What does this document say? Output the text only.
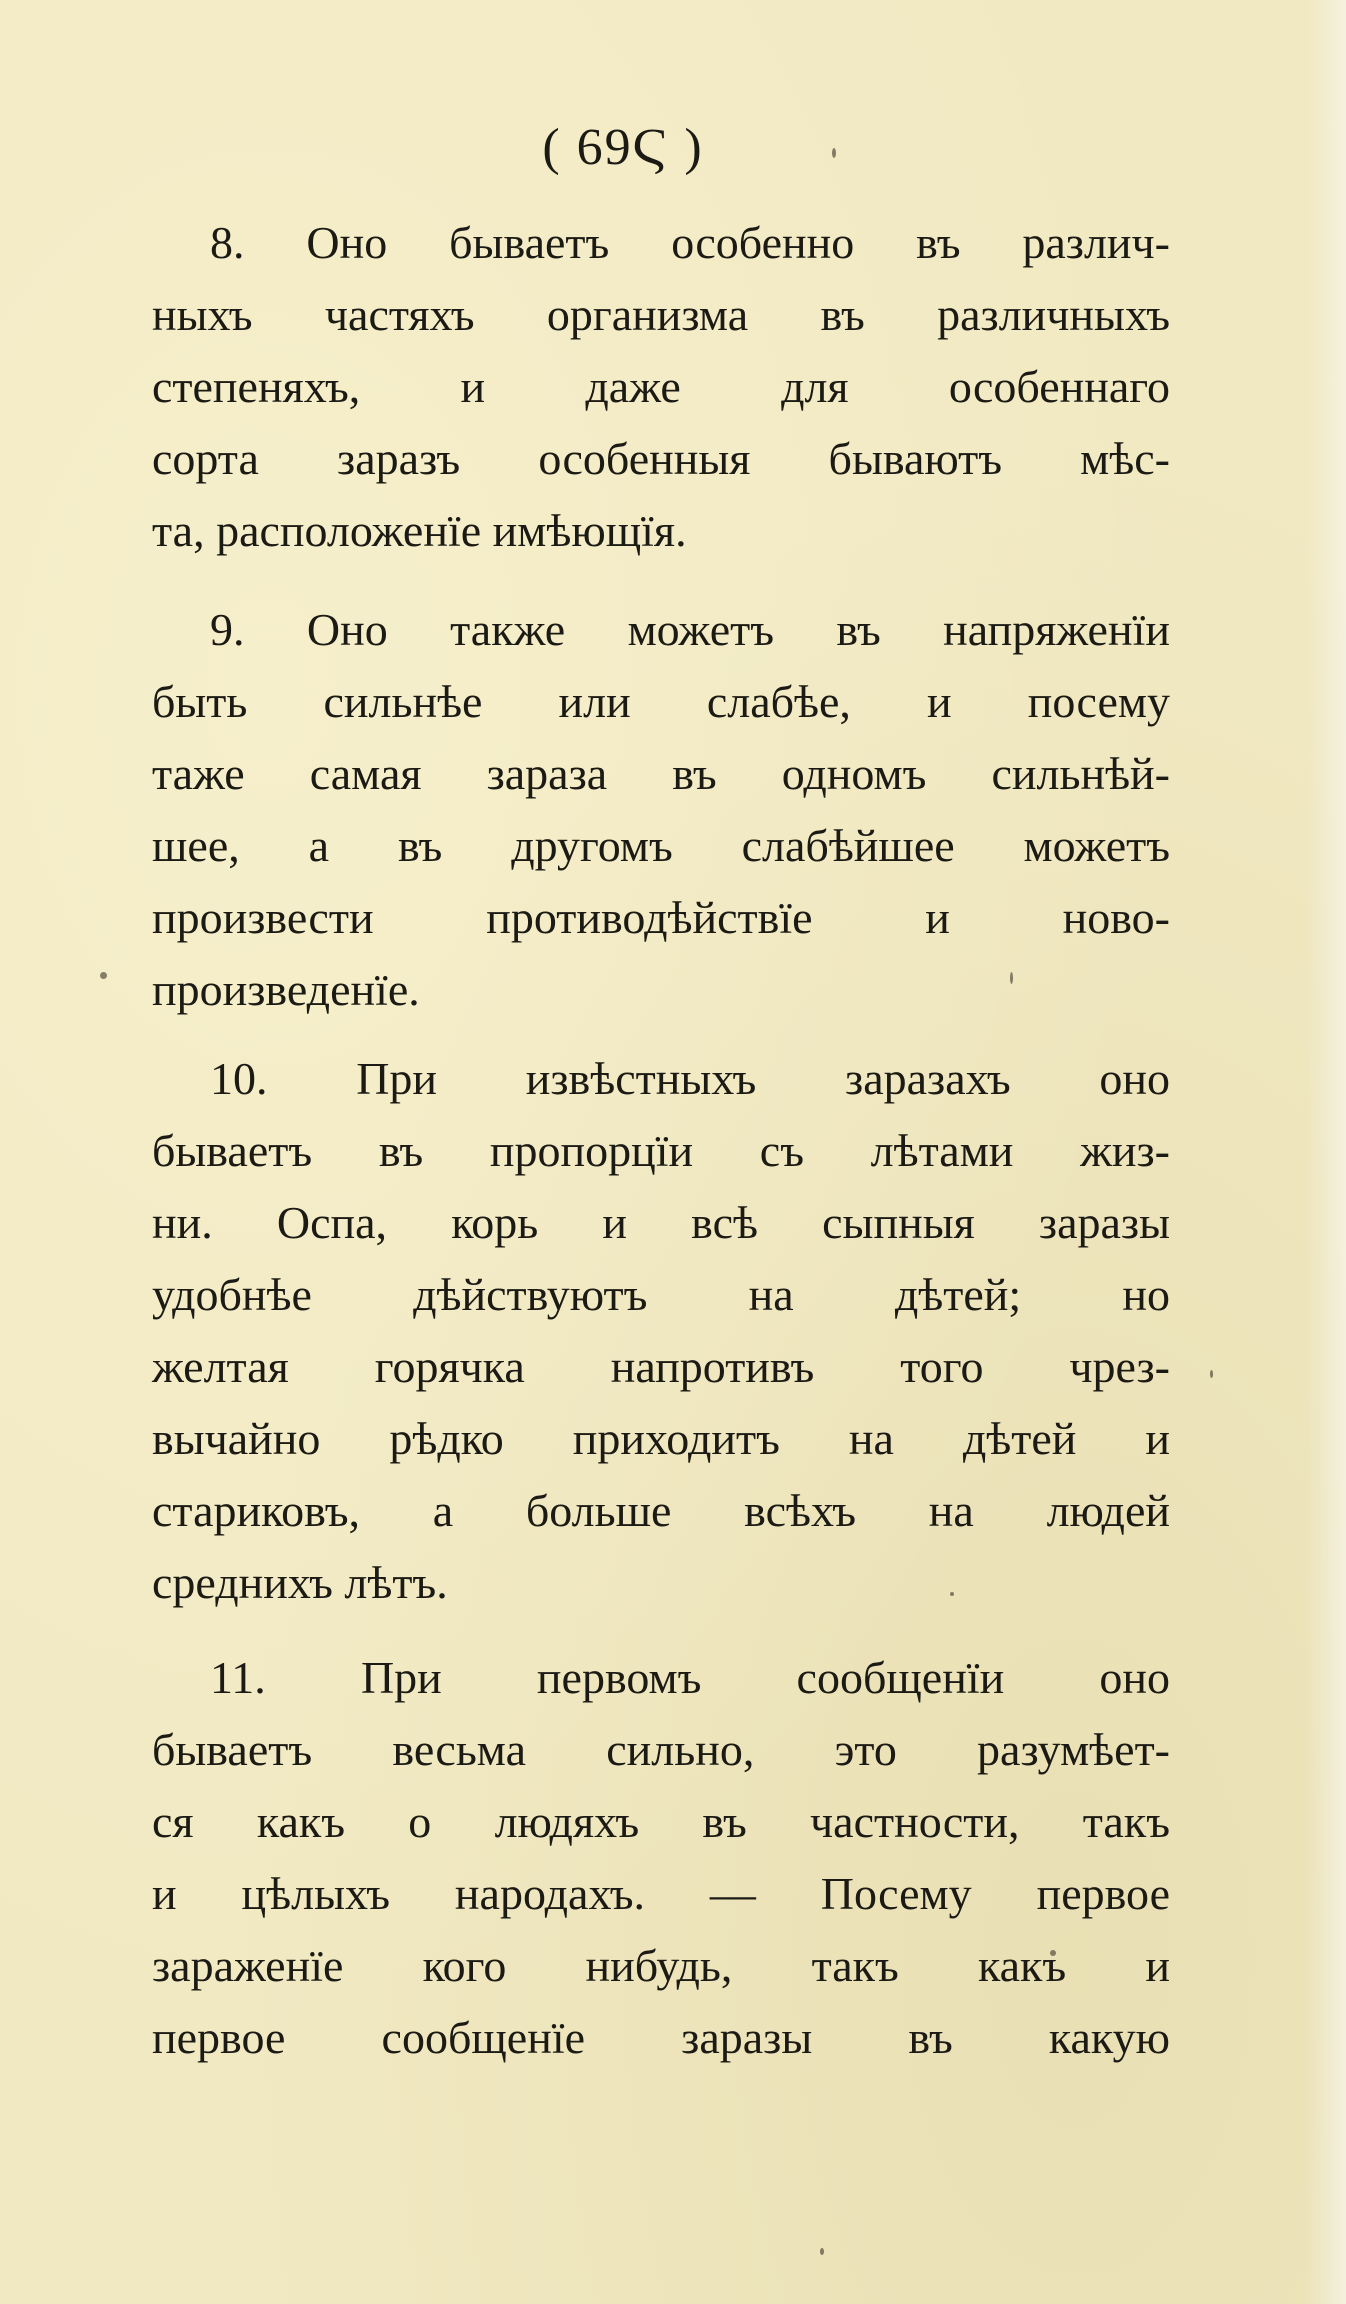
( 69Ϛ )
8. Оно бываетъ особенно въ различ-
ныхъ частяхъ организма въ различныхъ
степеняхъ, и даже для особеннаго
сорта заразъ особенныя бываютъ мѣс-
та, расположенïе имѣющïя.
9. Оно также можетъ въ напряженïи
быть сильнѣе или слабѣе, и посему
таже самая зараза въ одномъ сильнѣй-
шее, а въ другомъ слабѣйшее можетъ
произвести противодѣйствïе и ново-
произведенïе.
10. При извѣстныхъ заразахъ оно
бываетъ въ пропорцïи съ лѣтами жиз-
ни. Оспа, корь и всѣ сыпныя заразы
удобнѣе дѣйствуютъ на дѣтей; но
желтая горячка напротивъ того чрез-
вычайно рѣдко приходитъ на дѣтей и
стариковъ, а больше всѣхъ на людей
среднихъ лѣтъ.
11. При первомъ сообщенïи оно
бываетъ весьма сильно, это разумѣет-
ся какъ о людяхъ въ частности, такъ
и цѣлыхъ народахъ. — Посему первое
зараженïе кого нибудь, такъ какъ и
первое сообщенïе заразы въ какую
